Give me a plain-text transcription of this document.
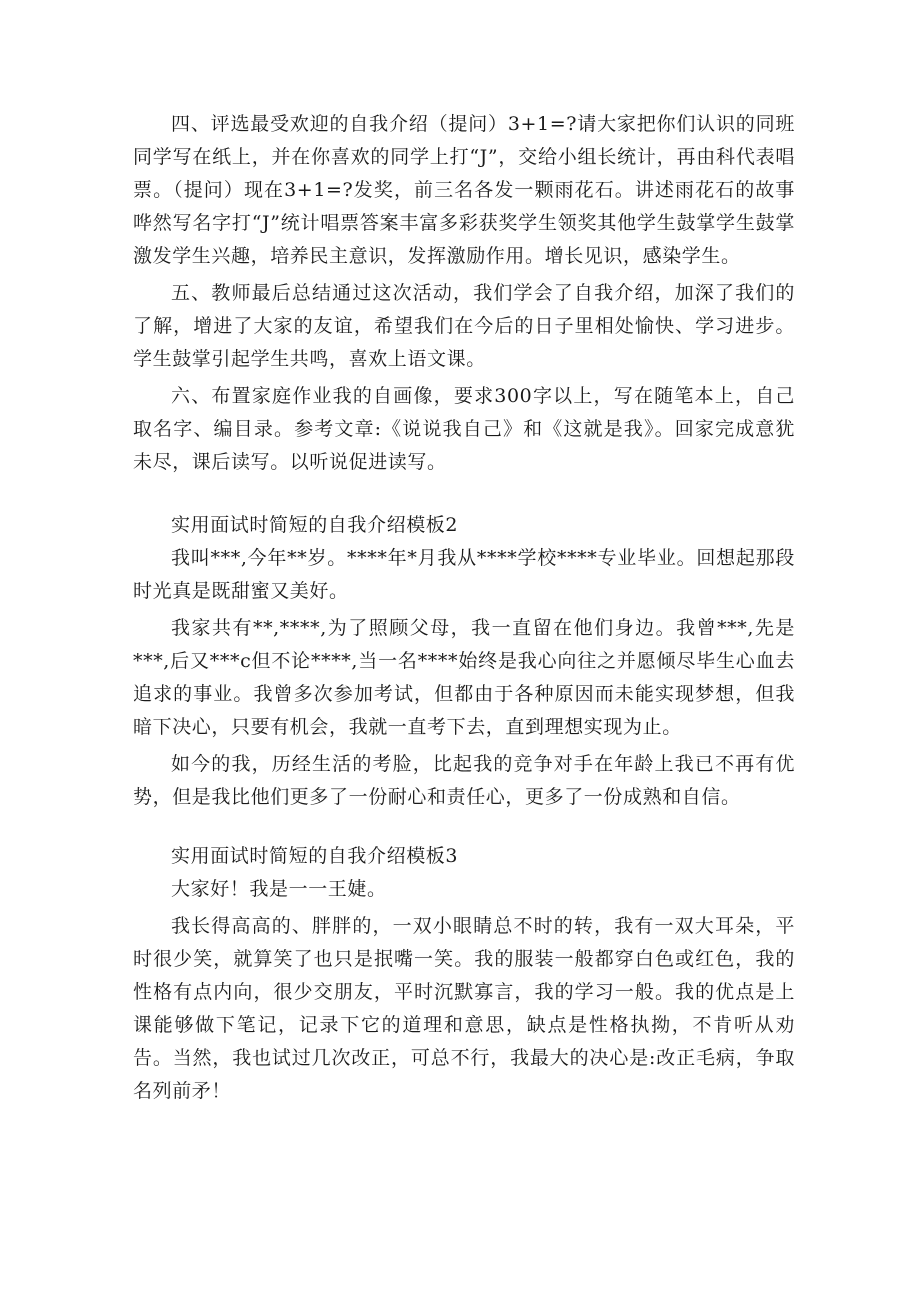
四、评选最受欢迎的自我介绍（提问）3+1=?请大家把你们认识的同班同学写在纸上，并在你喜欢的同学上打“J”，交给小组长统计，再由科代表唱票。（提问）现在3+1=?发奖，前三名各发一颗雨花石。讲述雨花石的故事哗然写名字打“J”统计唱票答案丰富多彩获奖学生领奖其他学生鼓掌学生鼓掌激发学生兴趣，培养民主意识，发挥激励作用。增长见识，感染学生。

五、教师最后总结通过这次活动，我们学会了自我介绍，加深了我们的了解，增进了大家的友谊，希望我们在今后的日子里相处愉快、学习进步。学生鼓掌引起学生共鸣，喜欢上语文课。

六、布置家庭作业我的自画像，要求300字以上，写在随笔本上，自己取名字、编目录。参考文章:《说说我自己》和《这就是我》。回家完成意犹未尽，课后读写。以听说促进读写。

实用面试时简短的自我介绍模板2

我叫***,今年**岁。****年*月我从****学校****专业毕业。回想起那段时光真是既甜蜜又美好。

我家共有**,****,为了照顾父母，我一直留在他们身边。我曾***,先是***,后又***c但不论****,当一名****始终是我心向往之并愿倾尽毕生心血去追求的事业。我曾多次参加考试，但都由于各种原因而未能实现梦想，但我暗下决心，只要有机会，我就一直考下去，直到理想实现为止。

如今的我，历经生活的考脸，比起我的竞争对手在年龄上我已不再有优势，但是我比他们更多了一份耐心和责任心，更多了一份成熟和自信。

实用面试时简短的自我介绍模板3

大家好！我是一一王婕。

我长得高高的、胖胖的，一双小眼睛总不时的转，我有一双大耳朵，平时很少笑，就算笑了也只是抿嘴一笑。我的服装一般都穿白色或红色，我的性格有点内向，很少交朋友，平时沉默寡言，我的学习一般。我的优点是上课能够做下笔记，记录下它的道理和意思，缺点是性格执拗，不肯听从劝告。当然，我也试过几次改正，可总不行，我最大的决心是:改正毛病，争取名列前矛！
